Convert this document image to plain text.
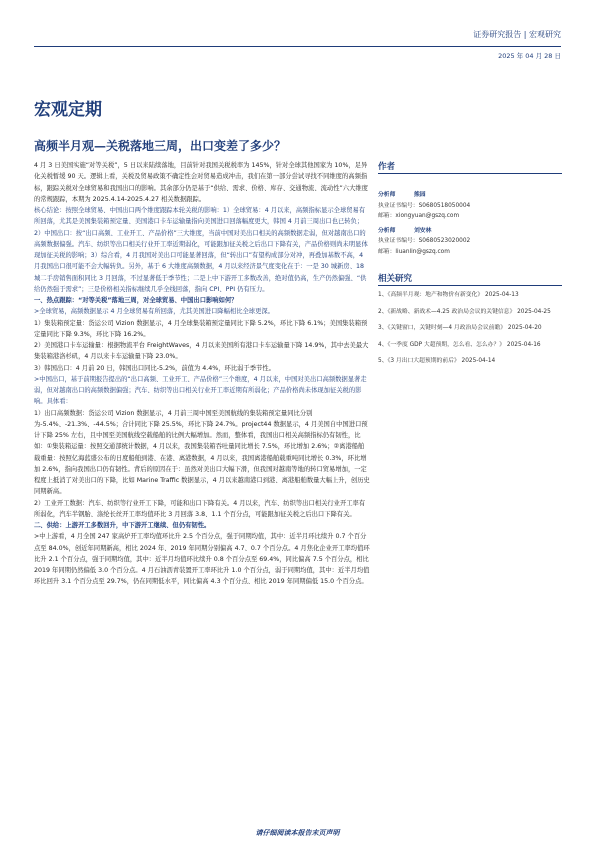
证券研究报告 | 宏观研究
2025 年 04 月 28 日
宏观定期
高频半月观—关税落地三周，出口变差了多少？

4 月 3 日美国实施“对等关税”，5 日以来陆续落地，目前针对我国关税税率为 145%，针对全球其他国家为 10%，足异化关税暂缓 90 天。逻辑上看，关税及贸易政策不确定性会对贸易造成冲击，我们在第一部分尝试寻找不同维度的高频指标，跟踪关税对全球贸易和我国出口的影响。其余部分仍是基于“供给、需求、价格、库存、交通物流、流动性”六大维度的常规跟踪，本期为 2025.4.14-2025.4.27 相关数据跟踪。

核心结论：按照全球贸易、中国出口两个维度跟踪本轮关税的影响：1）全球贸易：4 月以来，高频指标显示全球贸易有所回落，尤其是美国集装箱预定量、美国港口卡车运输量指向美国进口回落幅度更大，韩国 4 月前三周出口也已转负；2）中国出口：按“出口高频、工业开工、产品价格”三大维度，当前中国对美出口相关的高频数据走弱，但对越南出口的高频数据偏强。汽车、纺织等出口相关行业开工率近期弱化，可能跟加征关税之后出口下降有关，产品价格则尚未明显体现加征关税的影响；3）综合看，4 月我国对美出口可能显著回落，但“转出口”有望构成部分对冲，再叠加基数不高，4 月我国出口很可能不会大幅转负。另外，基于 6 大维度高频数据，4 月以来经济景气度变化在于：一是 30 城新房、18 城二手房销售面积同比 3 月回落，不过显著低于季节性；二是上中下游开工多数改善，绝对值仍高，生产仍然偏强、“供给仍然强于需求”；三是价格相关指标继续几乎全线回落，指向 CPI、PPI 仍有压力。

一、热点跟踪：“对等关税”落地三周，对全球贸易、中国出口影响如何？

>全球贸易，高频数据显示 4 月全球贸易有所回落，尤其美国进口降幅相比全球更深。

1）集装箱预定量：货运公司 Vizion 数据显示，4 月全球集装箱预定量同比下降 5.2%，环比下降 6.1%；美国集装箱预定量同比下降 9.3%，环比下降 16.2%。

2）美国港口卡车运输量：根据物流平台 FreightWaves，4 月以来美国所有港口卡车运输量下降 14.9%，其中去美最大集装箱港洛杉矶，4 月以来卡车运输量下降 23.0%。

3）韩国出口：4 月前 20 日，韩国出口同比-5.2%，前值为 4.4%，环比弱于季节性。

>中国出口，基于前期报告提出的“出口高频、工业开工、产品价格”三个维度，4 月以来，中国对美出口高频数据显著走弱，但对越南出口的高频数据偏强；汽车、纺织等出口相关行业开工率近期有所弱化；产品价格尚未体现加征关税的影响。具体看：

1）出口高频数据：货运公司 Vizion 数据显示，4 月前三周中国至美国航线的集装箱预定量同比分别为-5.4%、-21.3%、-44.5%；合计同比下降 25.5%，环比下降 24.7%。project44 数据显示，4 月美国自中国进口预计下降 25% 左右，且中国至美国航线空载船舶的比例大幅增加。然而，整体看，我国出口相关高频指标仍有韧性，比如：①集装箱运量：按照交通部统计数据，4 月以来，我国集装箱吞吐量同比增长 7.5%，环比增加 2.6%；②离港船舶载重量：按照亿海蓝盛公布的日度船舶到港、在港、离港数据，4 月以来，我国离港船舶载重吨同比增长 0.3%，环比增加 2.6%，指向我国出口仍有韧性。背后的原因在于：虽然对美出口大幅下滑，但我国对越南等地的转口贸易增加，一定程度上抵消了对美出口的下降，比如 Marine Traffic 数据显示，4 月以来越南港口到港、离港船舶数量大幅上升，创历史同期新高。

2）工业开工数据：汽车、纺织等行业开工下降，可能和出口下降有关。4 月以来，汽车、纺织等出口相关行业开工率有所弱化，汽车半钢胎、涤纶长丝开工率均值环比 3 月回落 3.8、1.1 个百分点，可能跟加征关税之后出口下降有关。

二、供给：上游开工多数回升，中下游开工继续、但仍有韧性。

>中上游看，4 月全国 247 家高炉开工率均值环比升 2.5 个百分点，强于同期均值，其中：近半月环比续升 0.7 个百分点至 84.0%，创近年同期新高，相比 2024 年、2019 年同期分别偏高 4.7、0.7 个百分点。4 月焦化企业开工率均值环比升 2.1 个百分点，强于同期均值，其中：近半月均值环比续升 0.8 个百分点至 69.4%，同比偏高 7.5 个百分点，相比 2019 年同期仍然偏低 3.0 个百分点。4 月石油沥青装置开工率环比升 1.0 个百分点，弱于同期均值，其中：近半月均值环比回升 3.1 个百分点至 29.7%，仍在同期低水平，同比偏高 4.3 个百分点、相比 2019 年同期偏低 15.0 个百分点。

作者
分析师	熊园
执业证书编号：S0680518050004
邮箱：xiongyuan@gszq.com
分析师	刘安林
执业证书编号：S0680523020002
邮箱：liuanlin@gszq.com
相关研究
1、《高频半月观：地产和物价有新变化》 2025-04-13
2、《新战略、新战术—4.25 政治局会议的关键信息》 2025-04-25
3、《关键窗口，关键时刻—4 月政治局会议前瞻》 2025-04-20
4、《一季度 GDP 大超预期，怎么看、怎么办？》 2025-04-16
5、《3 月出口大超预期的前后》 2025-04-14
请仔细阅读本报告末页声明
